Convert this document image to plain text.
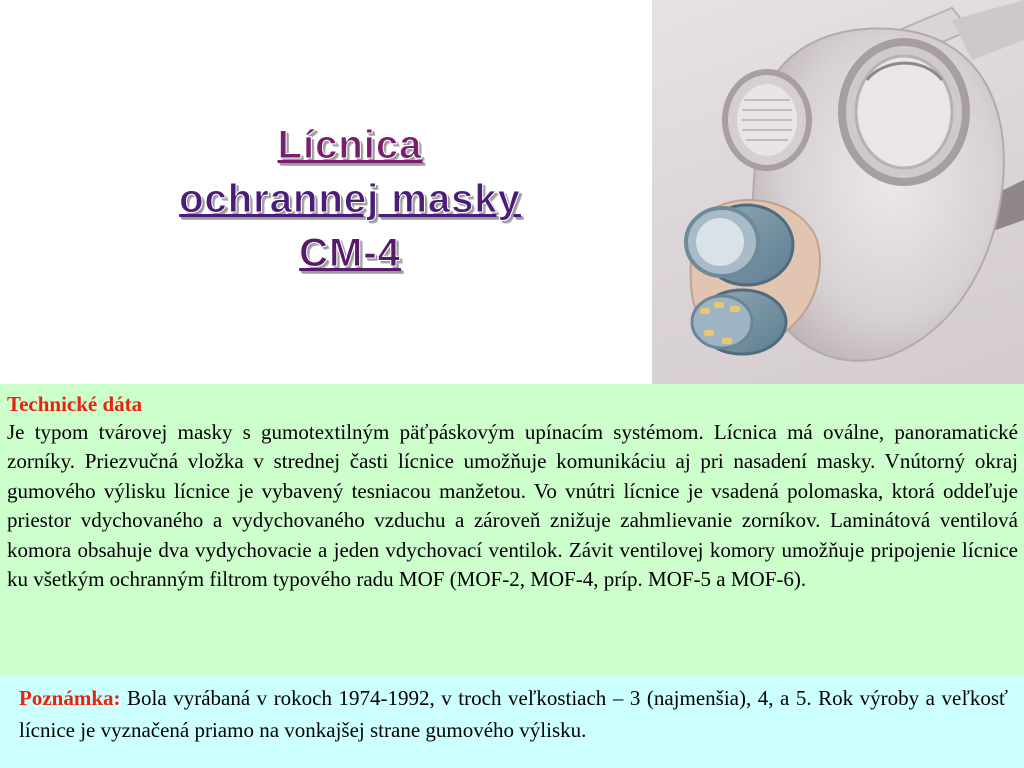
Lícnica
ochrannej masky
CM-4

Technické dáta

Je typom tvárovej masky s gumotextilným päťpáskovým upínacím systémom. Lícnica má oválne, panoramatické zorníky. Priezvučná vložka v strednej časti lícnice umožňuje komunikáciu aj pri nasadení masky. Vnútorný okraj gumového výlisku lícnice je vybavený tesniacou manžetou. Vo vnútri lícnice je vsadená polomaska, ktorá oddeľuje priestor vdychovaného a vydychovaného vzduchu a zároveň znižuje zahmlievanie zorníkov. Laminátová ventilová komora obsahuje dva vydychovacie a jeden vdychovací ventilok. Závit ventilovej komory umožňuje pripojenie lícnice ku všetkým ochranným filtrom typového radu MOF (MOF-2, MOF-4, príp. MOF-5 a MOF-6).

Poznámka: Bola vyrábaná v rokoch 1974-1992, v troch veľkostiach – 3 (najmenšia), 4, a 5. Rok výroby a veľkosť lícnice je vyznačená priamo na vonkajšej strane gumového výlisku.
